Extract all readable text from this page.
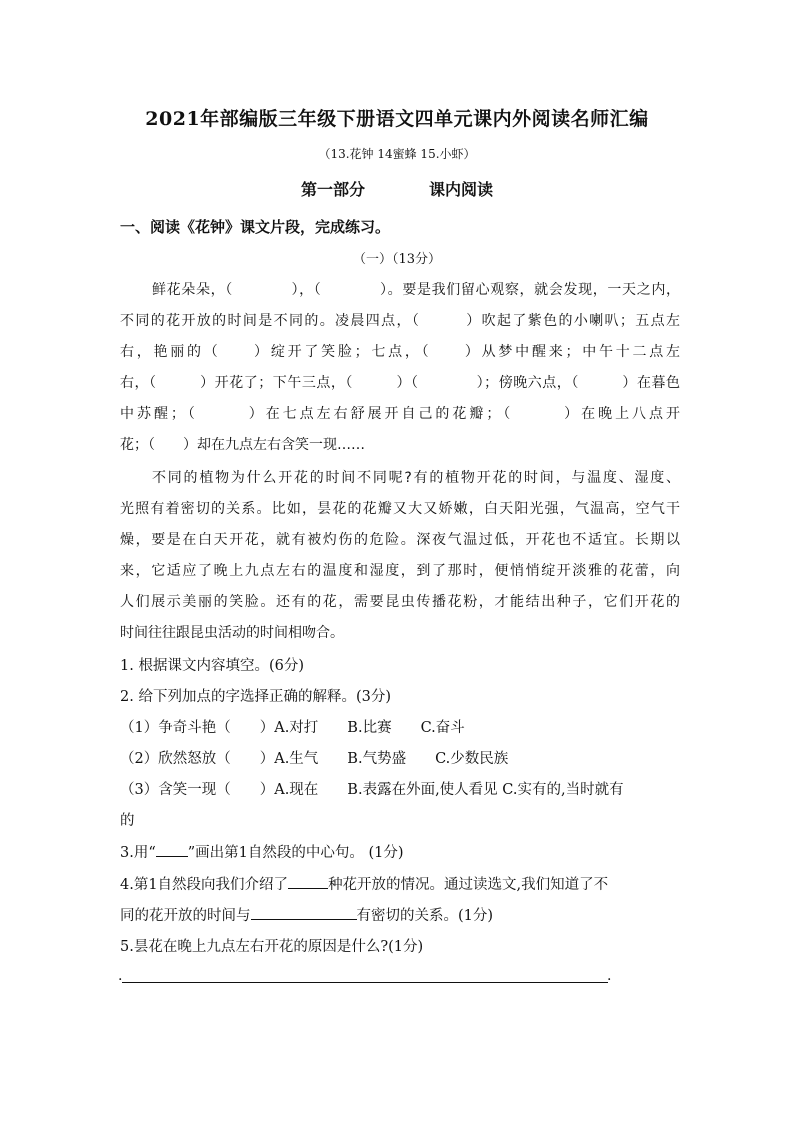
2021年部编版三年级下册语文四单元课内外阅读名师汇编
（13.花钟 14蜜蜂 15.小虾）
第一部分	课内阅读
一、阅读《花钟》课文片段，完成练习。
（一）（13分）
鲜花朵朵，（　　　　），（　　　　）。要是我们留心观察，就会发现，一天之内，
不同的花开放的时间是不同的。凌晨四点，（　　　）吹起了紫色的小喇叭；五点左
右，艳丽的（　　）绽开了笑脸；七点，（　　）从梦中醒来；中午十二点左
右，（　　　）开花了；下午三点，（　　　）（　　　　）；傍晚六点，（　　　）在暮色
中苏醒；（　　　）在七点左右舒展开自己的花瓣；（　　　）在晚上八点开
花；（　　）却在九点左右含笑一现……
不同的植物为什么开花的时间不同呢?有的植物开花的时间，与温度、湿度、
光照有着密切的关系。比如，昙花的花瓣又大又娇嫩，白天阳光强，气温高，空气干
燥，要是在白天开花，就有被灼伤的危险。深夜气温过低，开花也不适宜。长期以
来，它适应了晚上九点左右的温度和湿度，到了那时，便悄悄绽开淡雅的花蕾，向
人们展示美丽的笑脸。还有的花，需要昆虫传播花粉，才能结出种子，它们开花的
时间往往跟昆虫活动的时间相吻合。
1. 根据课文内容填空。(6分)
2. 给下列加点的字选择正确的解释。(3分)
（1）争奇斗艳（　　）A.对打　　B.比赛　　C.奋斗
（2）欣然怒放（　　）A.生气　　B.气势盛　　C.少数民族
（3）含笑一现（　　）A.现在　　B.表露在外面,使人看见 C.实有的,当时就有
的
3.用“ ”画出第1自然段的中心句。 (1分)
4.第1自然段向我们介绍了	种花开放的情况。通过读选文,我们知道了不
同的花开放的时间与	有密切的关系。(1分)
5.昙花在晚上九点左右开花的原因是什么?(1分)
.	.
